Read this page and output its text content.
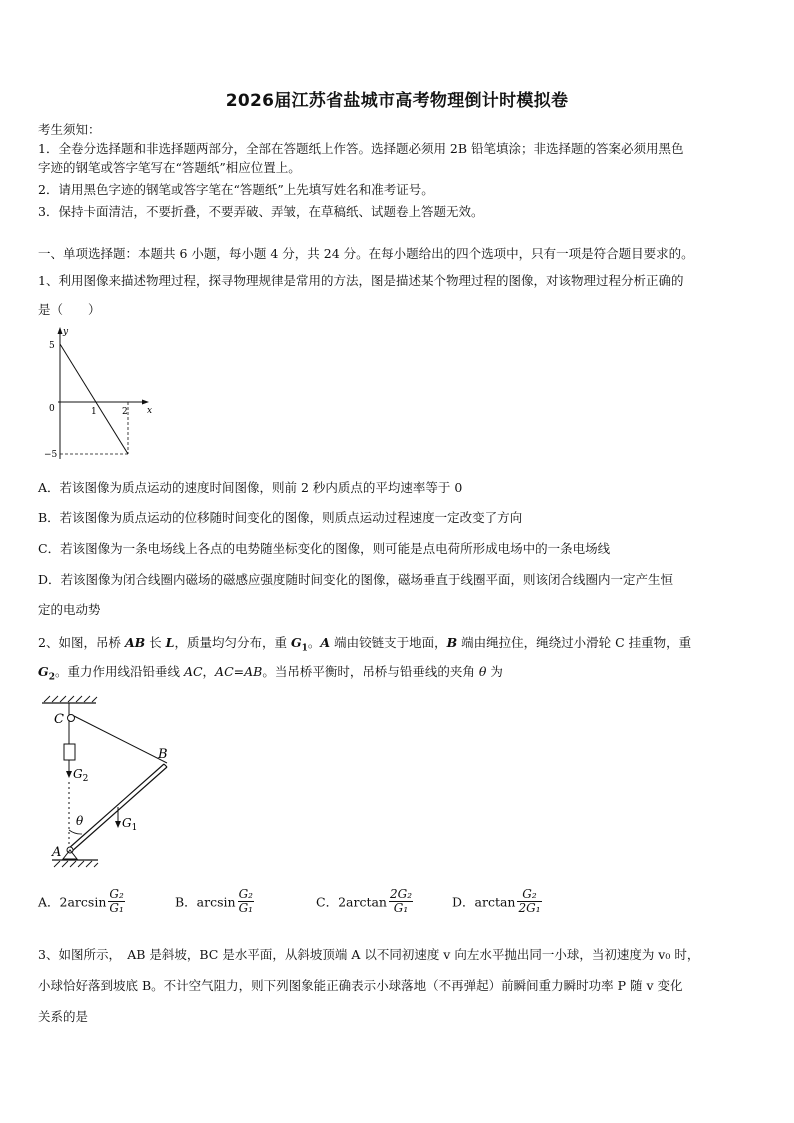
2026届江苏省盐城市高考物理倒计时模拟卷
考生须知：
1．全卷分选择题和非选择题两部分，全部在答题纸上作答。选择题必须用 2B 铅笔填涂；非选择题的答案必须用黑色
字迹的钢笔或答字笔写在“答题纸”相应位置上。
2．请用黑色字迹的钢笔或答字笔在“答题纸”上先填写姓名和准考证号。
3．保持卡面清洁，不要折叠，不要弄破、弄皱，在草稿纸、试题卷上答题无效。
一、单项选择题：本题共 6 小题，每小题 4 分，共 24 分。在每小题给出的四个选项中，只有一项是符合题目要求的。
1、利用图像来描述物理过程，探寻物理规律是常用的方法，图是描述某个物理过程的图像，对该物理过程分析正确的
是（　　）
y
x
5
0
−5
1	2
A．若该图像为质点运动的速度时间图像，则前 2 秒内质点的平均速率等于 0
B．若该图像为质点运动的位移随时间变化的图像，则质点运动过程速度一定改变了方向
C．若该图像为一条电场线上各点的电势随坐标变化的图像，则可能是点电荷所形成电场中的一条电场线
D．若该图像为闭合线圈内磁场的磁感应强度随时间变化的图像，磁场垂直于线圈平面，则该闭合线圈内一定产生恒
定的电动势
2、如图，吊桥 AB 长 L，质量均匀分布，重 $G_1$。A 端由铰链支于地面，B 端由绳拉住，绳绕过小滑轮 C 挂重物，重
$G_2$。重力作用线沿铅垂线 AC，AC=AB。当吊桥平衡时，吊桥与铅垂线的夹角 θ 为
C
B
A
θ
$G_2$
$G_1$
A．$2\arcsin \frac{\text{G₂}}{\text{G₁}}$	B．$\arcsin \frac{\text{G₂}}{\text{G₁}}$	C．$2\arctan \frac{\text{2G₂}}{\text{G₁}}$	D．$\arctan \frac{\text{G₂}}{\text{2G₁}}$
3、如图所示，　AB 是斜坡，BC 是水平面，从斜坡顶端 A 以不同初速度 v 向左水平抛出同一小球，当初速度为 v₀ 时，
小球恰好落到坡底 B。不计空气阻力，则下列图象能正确表示小球落地（不再弹起）前瞬间重力瞬时功率 P 随 v 变化
关系的是
